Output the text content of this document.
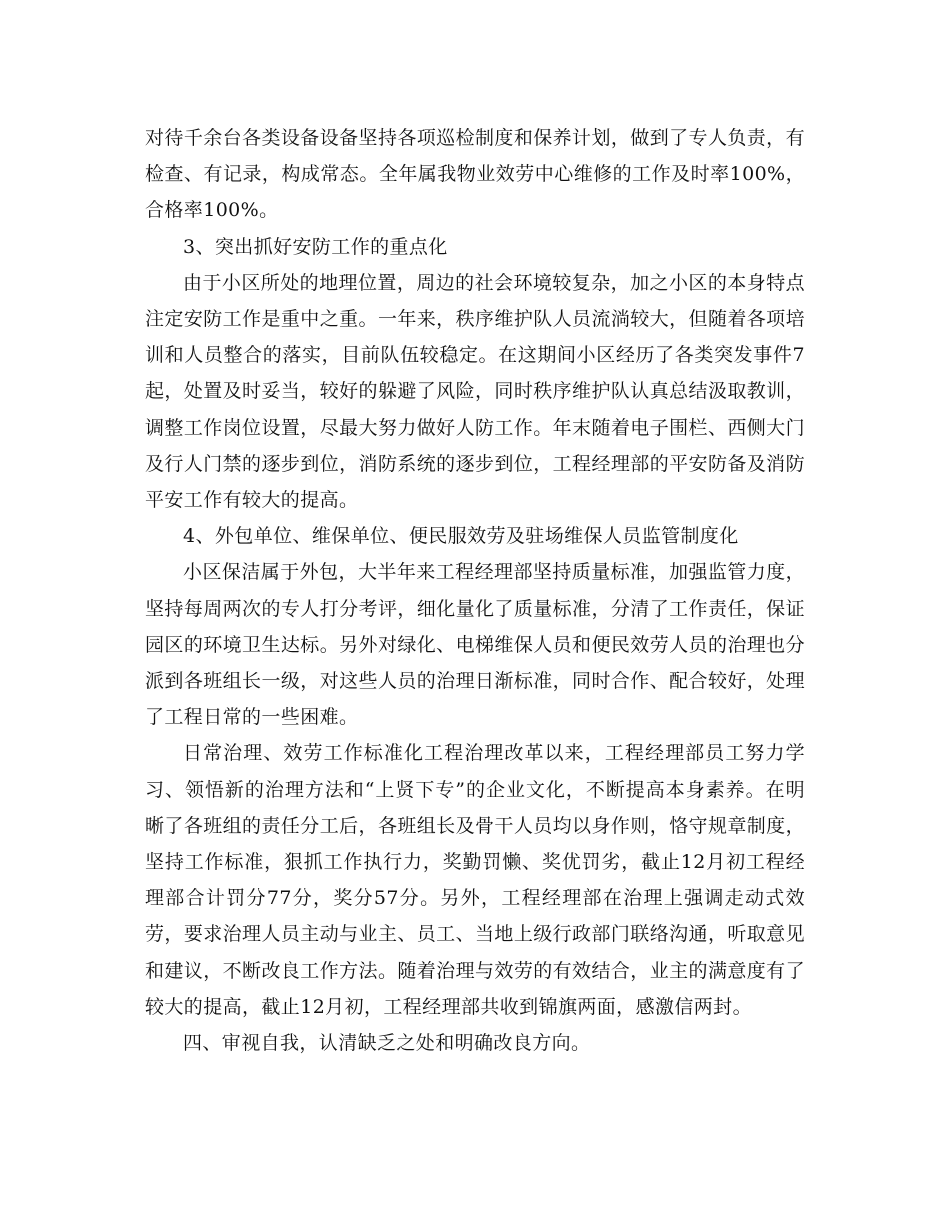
对待千余台各类设备设备坚持各项巡检制度和保养计划，做到了专人负责，有检查、有记录，构成常态。全年属我物业效劳中心维修的工作及时率100%，合格率100%。

3、突出抓好安防工作的重点化

由于小区所处的地理位置，周边的社会环境较复杂，加之小区的本身特点注定安防工作是重中之重。一年来，秩序维护队人员流淌较大，但随着各项培训和人员整合的落实，目前队伍较稳定。在这期间小区经历了各类突发事件7起，处置及时妥当，较好的躲避了风险，同时秩序维护队认真总结汲取教训，调整工作岗位设置，尽最大努力做好人防工作。年末随着电子围栏、西侧大门及行人门禁的逐步到位，消防系统的逐步到位，工程经理部的平安防备及消防平安工作有较大的提高。

4、外包单位、维保单位、便民服效劳及驻场维保人员监管制度化

小区保洁属于外包，大半年来工程经理部坚持质量标准，加强监管力度，坚持每周两次的专人打分考评，细化量化了质量标准，分清了工作责任，保证园区的环境卫生达标。另外对绿化、电梯维保人员和便民效劳人员的治理也分派到各班组长一级，对这些人员的治理日渐标准，同时合作、配合较好，处理了工程日常的一些困难。

日常治理、效劳工作标准化工程治理改革以来，工程经理部员工努力学习、领悟新的治理方法和“上贤下专”的企业文化，不断提高本身素养。在明晰了各班组的责任分工后，各班组长及骨干人员均以身作则，恪守规章制度，坚持工作标准，狠抓工作执行力，奖勤罚懒、奖优罚劣，截止12月初工程经理部合计罚分77分，奖分57分。另外，工程经理部在治理上强调走动式效劳，要求治理人员主动与业主、员工、当地上级行政部门联络沟通，听取意见和建议，不断改良工作方法。随着治理与效劳的有效结合，业主的满意度有了较大的提高，截止12月初，工程经理部共收到锦旗两面，感激信两封。

四、审视自我，认清缺乏之处和明确改良方向。
